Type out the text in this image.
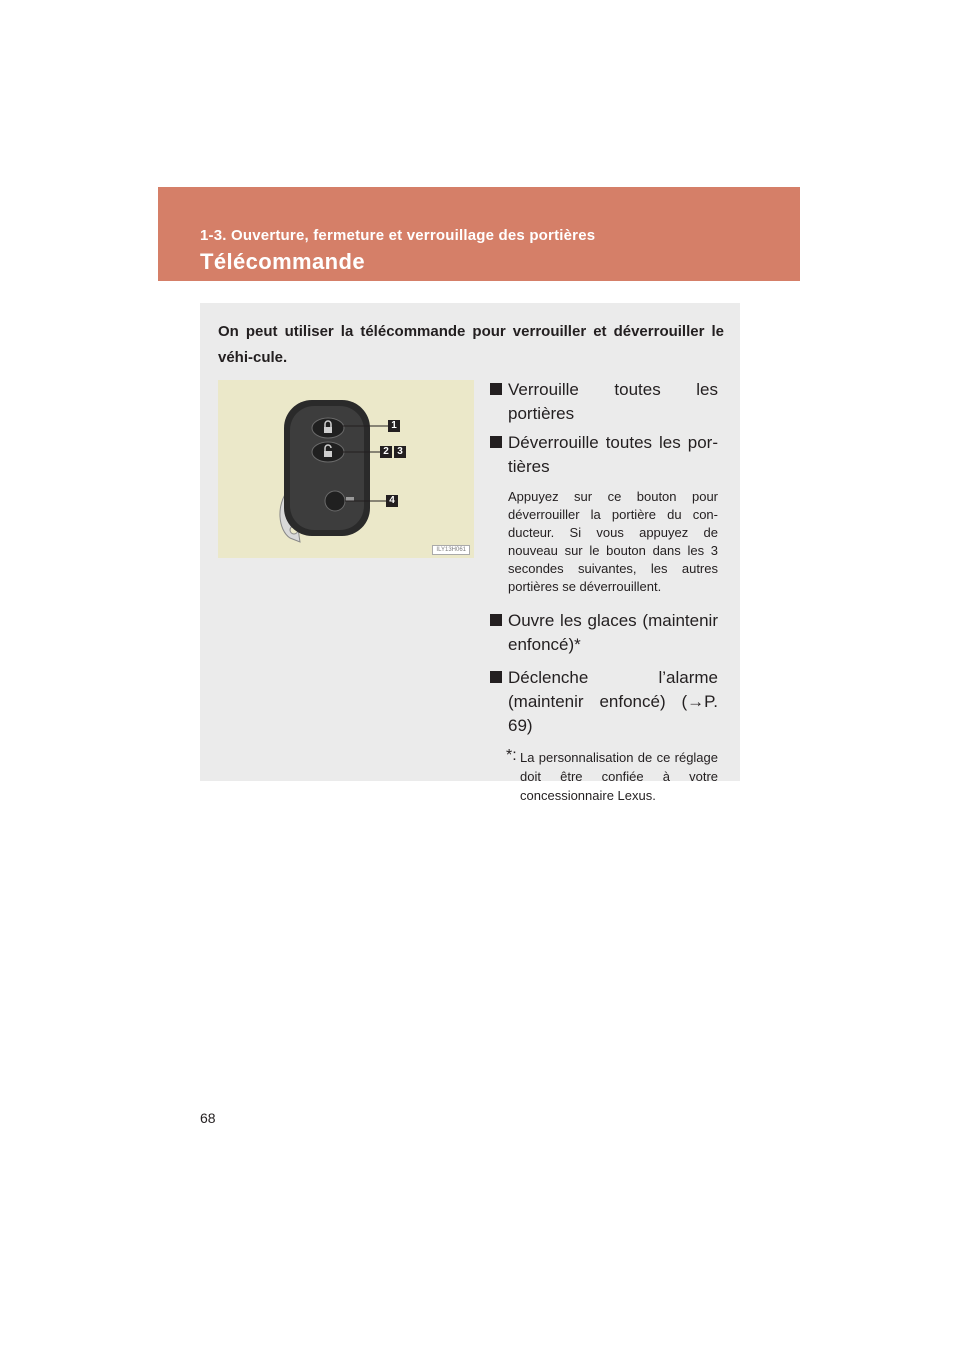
1-3. Ouverture, fermeture et verrouillage des portières

Télécommande

On peut utiliser la télécommande pour verrouiller et déverrouiller le véhi-cule.

1
2 3
4
ILY13H061
Verrouille toutes les portières
Déverrouille toutes les por-tières
Appuyez sur ce bouton pour déverrouiller la portière du con-ducteur. Si vous appuyez de nouveau sur le bouton dans les 3 secondes suivantes, les autres portières se déverrouillent.
Ouvre les glaces (maintenir enfoncé)*
Déclenche l’alarme (maintenir enfoncé) (→P. 69)
*: La personnalisation de ce réglage doit être confiée à votre concessionnaire Lexus.

68
